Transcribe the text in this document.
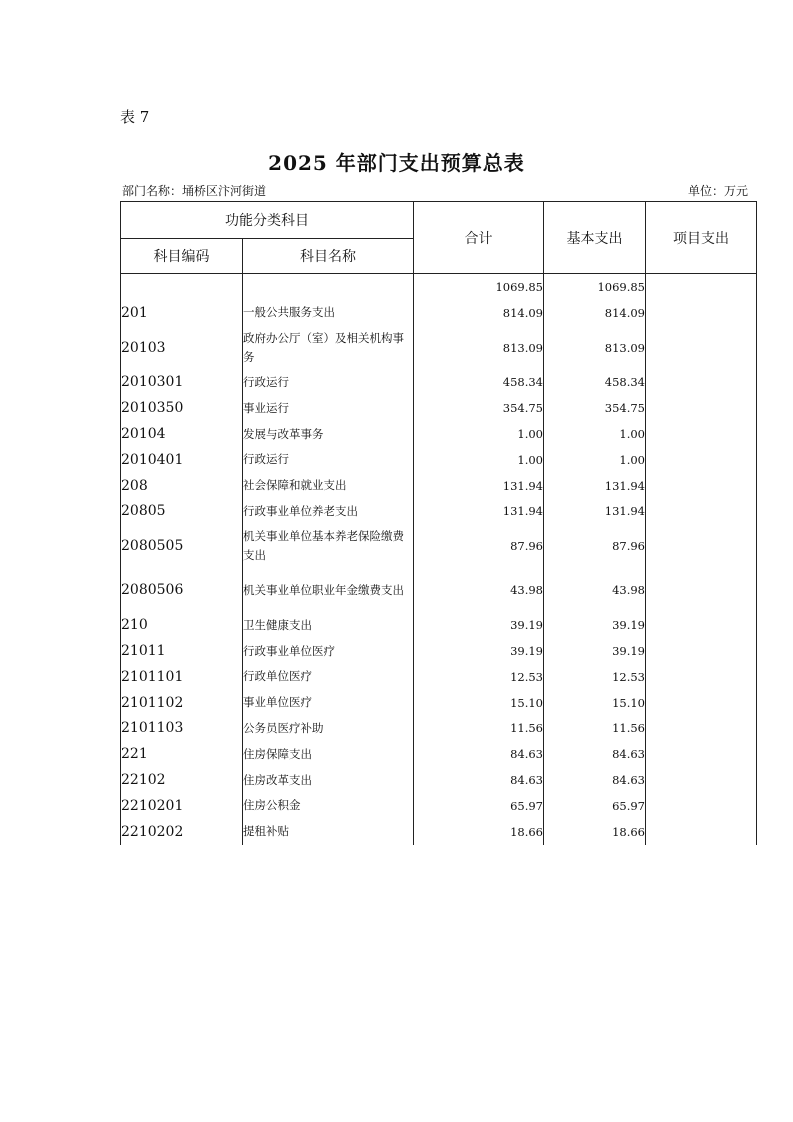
表 7
2025 年部门支出预算总表
部门名称：埇桥区汴河街道	单位：万元
功能分类科目		合计	基本支出	项目支出
科目编码	科目名称			
		1069.85	1069.85	
201	一般公共服务支出	814.09	814.09	
20103	政府办公厅（室）及相关机构事务	813.09	813.09	
2010301	行政运行	458.34	458.34	
2010350	事业运行	354.75	354.75	
20104	发展与改革事务	1.00	1.00	
2010401	行政运行	1.00	1.00	
208	社会保障和就业支出	131.94	131.94	
20805	行政事业单位养老支出	131.94	131.94	
2080505	机关事业单位基本养老保险缴费支出	87.96	87.96	
2080506	机关事业单位职业年金缴费支出	43.98	43.98	
210	卫生健康支出	39.19	39.19	
21011	行政事业单位医疗	39.19	39.19	
2101101	行政单位医疗	12.53	12.53	
2101102	事业单位医疗	15.10	15.10	
2101103	公务员医疗补助	11.56	11.56	
221	住房保障支出	84.63	84.63	
22102	住房改革支出	84.63	84.63	
2210201	住房公积金	65.97	65.97	
2210202	提租补贴	18.66	18.66	
